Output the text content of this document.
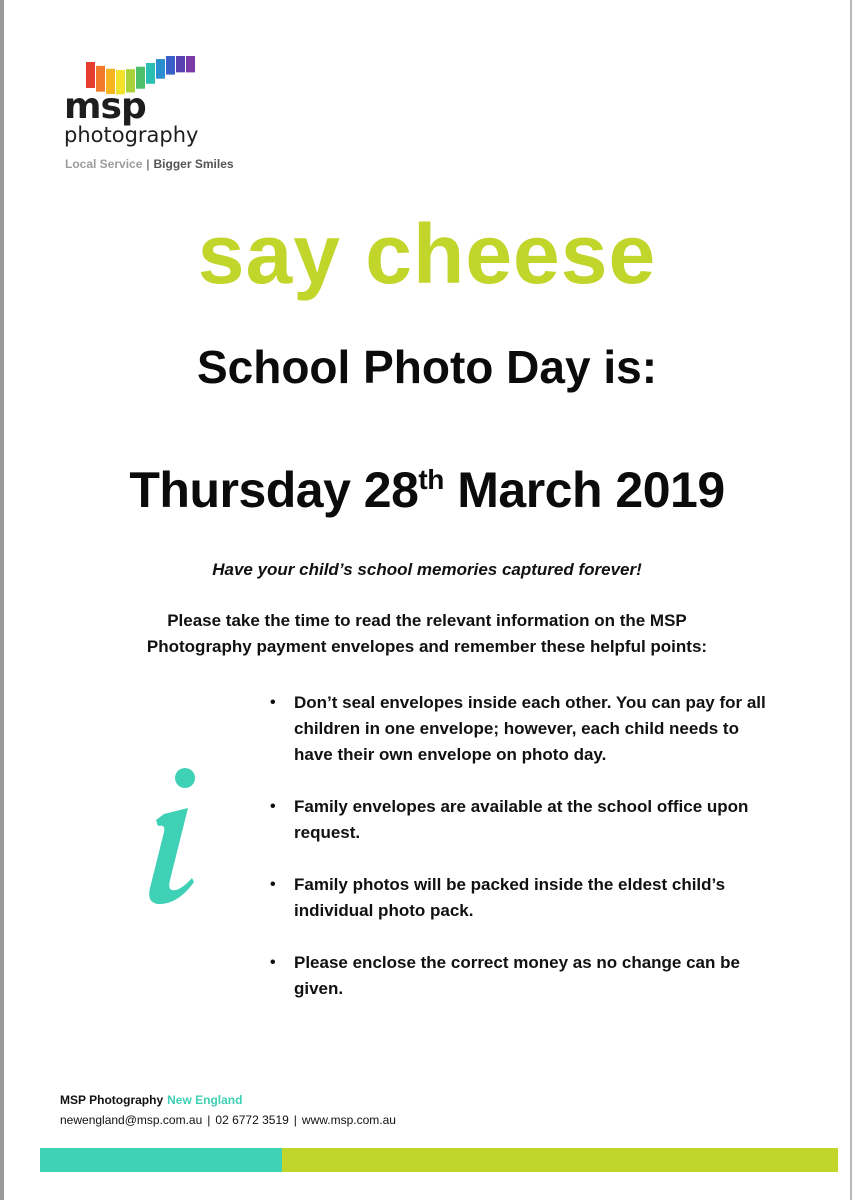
msp
photography
Local Service | Bigger Smiles
say cheese
School Photo Day is:
Thursday 28th March 2019
Have your child’s school memories captured forever!
Please take the time to read the relevant information on the MSP
Photography payment envelopes and remember these helpful points:
• Don’t seal envelopes inside each other. You can pay for all children in one envelope; however, each child needs to have their own envelope on photo day.
• Family envelopes are available at the school office upon request.
• Family photos will be packed inside the eldest child’s individual photo pack.
• Please enclose the correct money as no change can be given.
MSP Photography New England
newengland@msp.com.au | 02 6772 3519 | www.msp.com.au
